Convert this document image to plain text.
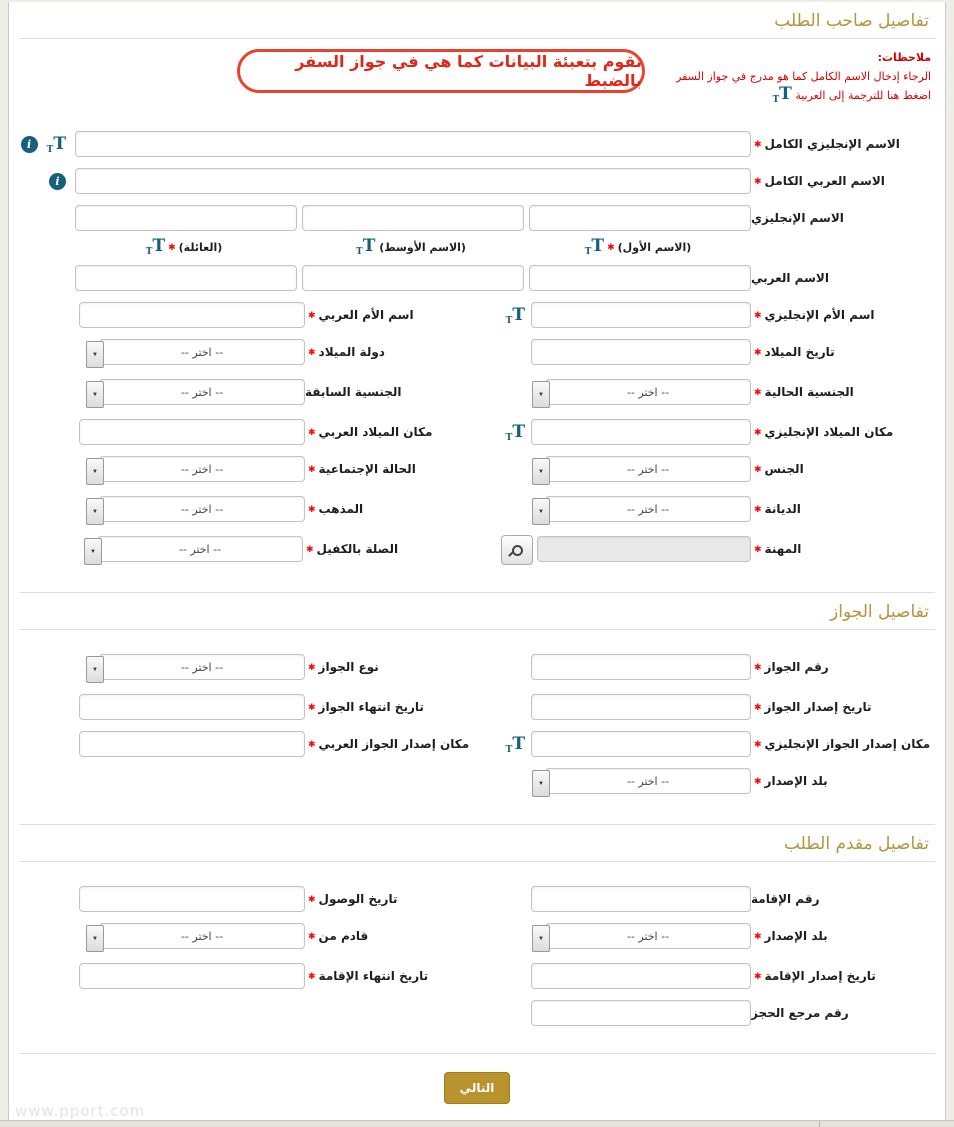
تفاصيل صاحب الطلب
ملاحظات:
الرجاء إدخال الاسم الكامل كما هو مدرج في جواز السفر
اضغط هنا للترجمة إلى العربية $_T$T
تقوم بتعبئة البيانات كما هي في جواز السفر بالضبط
الاسم الإنجليزي الكامل✱
TT
i
الاسم العربي الكامل✱
i
الاسم الإنجليزي
(الاسم $الأول)✱_TT$
(الاسم الأوسط) $_T$T
$(العائلة)✱_TT$
الاسم العربي
اسم الأم الإنجليزي✱
TT
اسم الأم العربي✱
تاريخ الميلاد✱
دولة الميلاد✱
-- اختر --
▼
الجنسية الحالية✱
-- اختر --
▼
الجنسية السابقة
-- اختر --
▼
مكان الميلاد الإنجليزي✱
TT
مكان الميلاد العربي✱
الجنس✱
-- اختر --
▼
الحالة الإجتماعية✱
-- اختر --
▼
الديانة✱
-- اختر --
▼
المذهب✱
-- اختر --
▼
المهنة✱
الصلة بالكفيل✱
-- اختر --
▼
تفاصيل الجواز
رقم الجواز✱
نوع الجواز✱
-- اختر --
▼
تاريخ إصدار الجواز✱
تاريخ انتهاء الجواز✱
مكان إصدار الجواز الإنجليزي✱
TT
مكان إصدار الجواز العربي✱
بلد الإصدار✱
-- اختر --
▼
تفاصيل مقدم الطلب
رقم الإقامة
تاريخ الوصول✱
بلد الإصدار✱
-- اختر --
▼
قادم من✱
-- اختر --
▼
تاريخ إصدار الإقامة✱
تاريخ انتهاء الإقامة✱
رقم مرجع الحجز
التالي
www.pport.com
